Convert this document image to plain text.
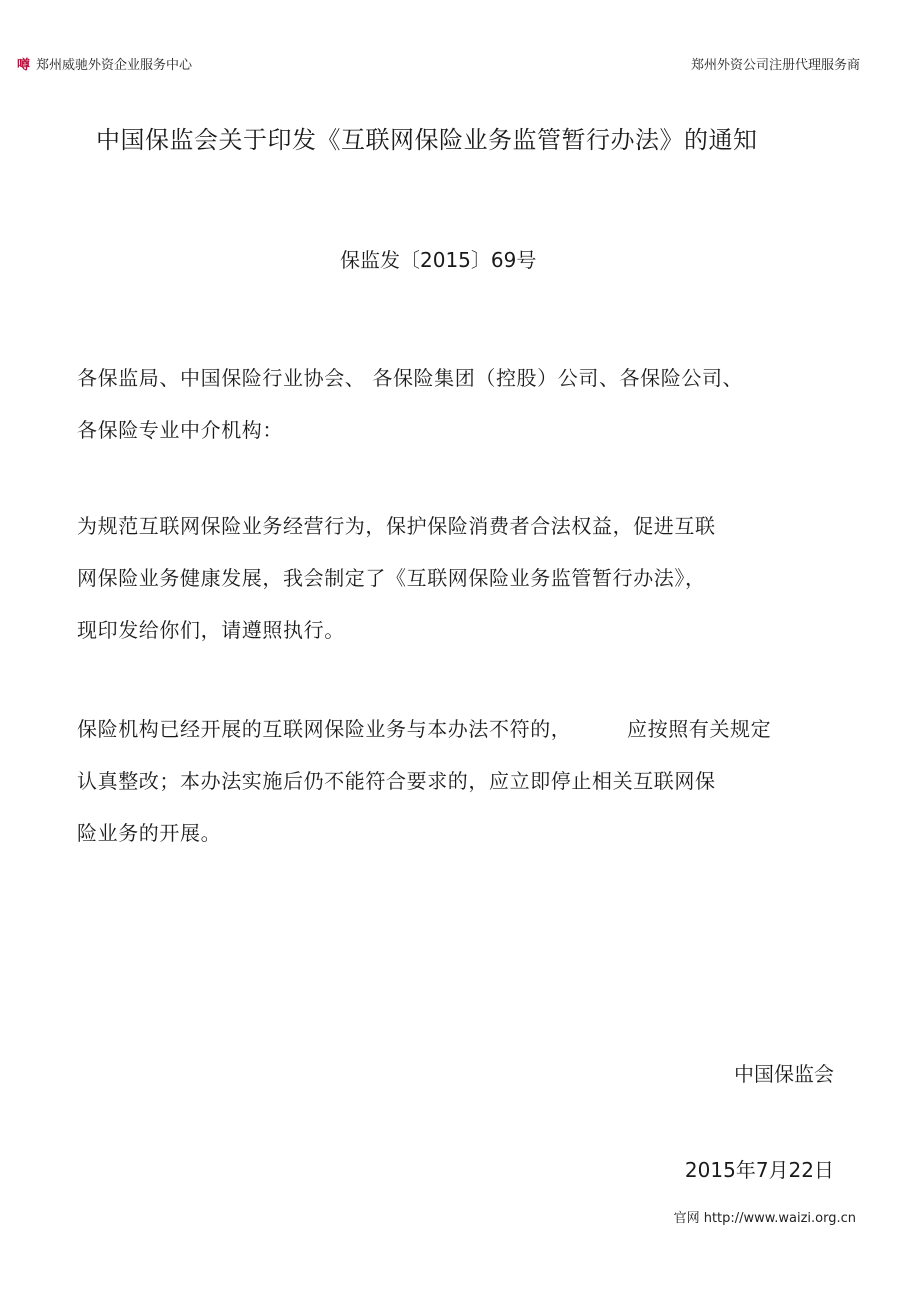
噂 郑州威驰外资企业服务中心	郑州外资公司注册代理服务商
中国保监会关于印发《互联网保险业务监管暂行办法》的通知
保监发〔2015〕69号
各保监局、中国保险行业协会、 各保险集团（控股）公司、各保险公司、
各保险专业中介机构：
为规范互联网保险业务经营行为，保护保险消费者合法权益，促进互联
网保险业务健康发展，我会制定了《互联网保险业务监管暂行办法》，
现印发给你们，请遵照执行。
保险机构已经开展的互联网保险业务与本办法不符的，        应按照有关规定
认真整改；本办法实施后仍不能符合要求的，应立即停止相关互联网保
险业务的开展。
中国保监会
2015年7月22日
官网 http://www.waizi.org.cn
